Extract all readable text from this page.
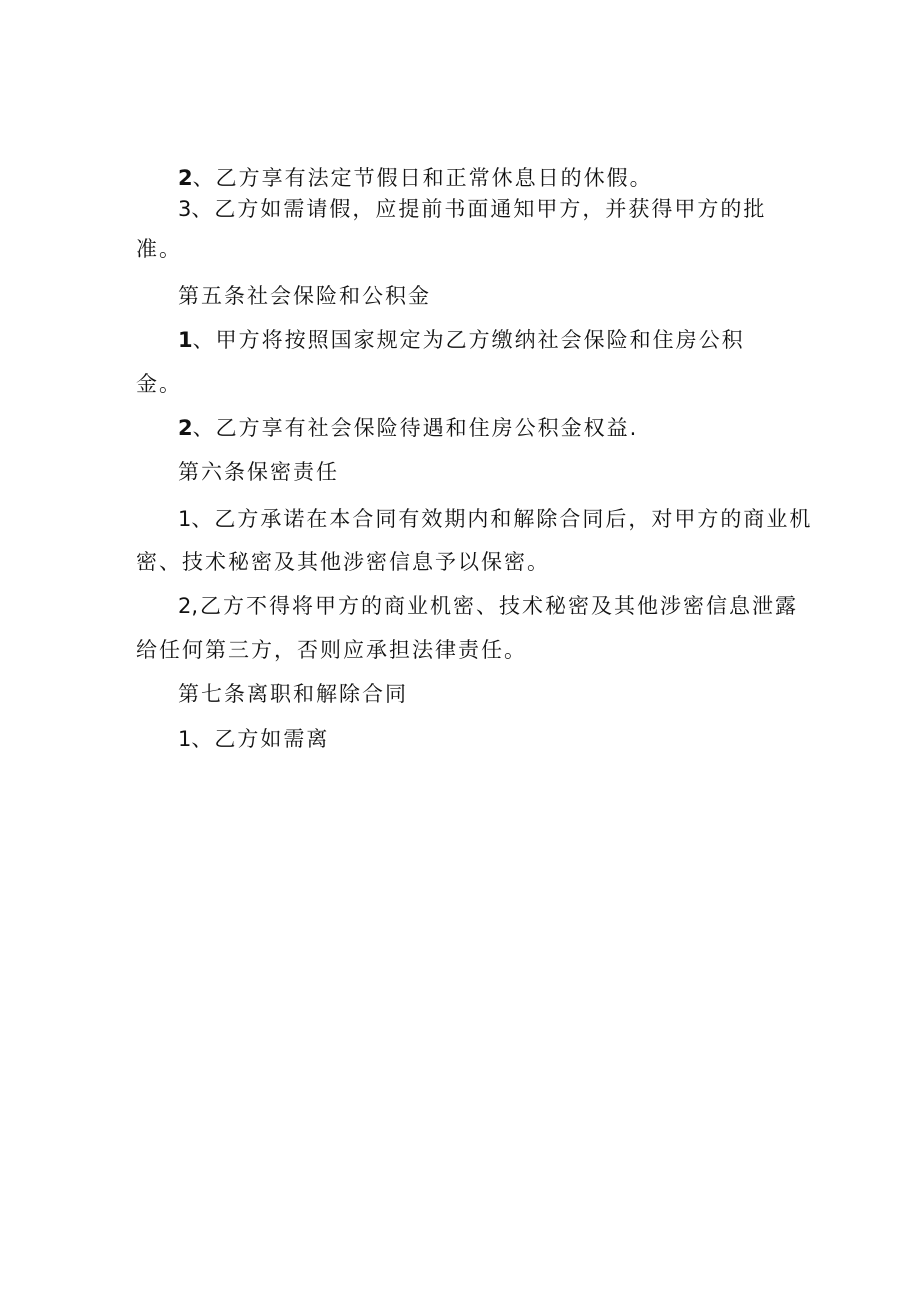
2、乙方享有法定节假日和正常休息日的休假。
3、乙方如需请假，应提前书面通知甲方，并获得甲方的批
准。
第五条社会保险和公积金
1、甲方将按照国家规定为乙方缴纳社会保险和住房公积
金。
2、乙方享有社会保险待遇和住房公积金权益.
第六条保密责任
1、乙方承诺在本合同有效期内和解除合同后，对甲方的商业机
密、技术秘密及其他涉密信息予以保密。
2,乙方不得将甲方的商业机密、技术秘密及其他涉密信息泄露
给任何第三方，否则应承担法律责任。
第七条离职和解除合同
1、乙方如需离
